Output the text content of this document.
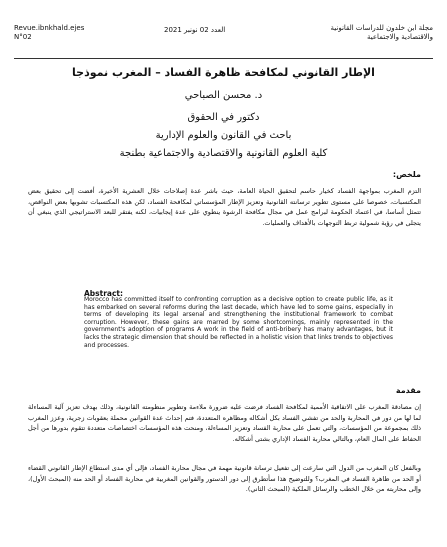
Revue.ibnkhald.ejes
N°02
العدد 02 نونبر 2021	مجلة ابن خلدون للدراسات القانونية
والاقتصادية والاجتماعية
الإطار القانوني لمكافحة ظاهرة الفساد – المغرب نموذجا
د. محسن الصباحي
دكتور في الحقوق
باحث في القانون والعلوم الإدارية
كلية العلوم القانونية والاقتصادية والاجتماعية بطنجة
ملخص:
التزم المغرب بمواجهة الفساد كخيار حاسم لتحقيق الحياة العامة، حيث باشر عدة إصلاحات خلال العشرية الأخيرة، أفضت إلى تحقيق بعض المكتسبات، خصوصا على مستوى تطوير ترسانته القانونية وتعزيز الإطار المؤسساتي لمكافحة الفساد، لكن هذه المكتسبات تشوبها بعض النواقص، تتمثل أساسا، في اعتماد الحكومة لبرامج عمل في مجال مكافحة الرشوة ينطوي على عدة إيجابيات، لكنه يفتقر للبعد الاستراتيجي الذي ينبغي أن يتجلى في رؤية شمولية تربط التوجهات بالأهداف والعمليات.
Abstract:
Morocco has committed itself to confronting corruption as a decisive option to create public life, as it has embarked on several reforms during the last decade, which have led to some gains, especially in terms of developing its legal arsenal and strengthening the institutional framework to combat corruption. However, these gains are marred by some shortcomings, mainly represented in the government's adoption of programs A work in the field of anti-bribery has many advantages, but it lacks the strategic dimension that should be reflected in a holistic vision that links trends to objectives and processes.
مقدمة
إن مصادقة المغرب على الاتفاقية الأممية لمكافحة الفساد فرضت عليه ضرورة ملاءمة وتطوير منظومته القانونية، وذلك بهدف تعزيز آلية المساءلة لما لها من دور في المحاربة والحد من تفشي الفساد بكل أشكاله ومظاهره المتعددة، فتم إحداث عدة القوانين محملة بعقوبات زجرية، وعزز المغرب ذلك بمجموعة من المؤسسات، والتي تعمل على محاربة الفساد وتعزيز المساءلة، ومنحت هذه المؤسسات اختصاصات متعددة تتقوم بدورها من أجل الحفاظ على المال العام، وبالتالي محاربة الفساد الإداري بشتى أشكاله.
وبالفعل كان المغرب من الدول التي سارعت إلى تفعيل ترسانة قانونية مهمة في مجال محاربة الفساد، فإلى أي مدى استطاع الإطار القانوني القضاء أو الحد من ظاهرة الفساد في المغرب؟ وللتوضيح هذا سأتطرق إلى دور الدستور والقوانين المغربية في محاربة الفساد أو الحد منه (المبحث الأول)، وإلى محاربته من خلال الخطب والرسائل الملكية (المبحث الثاني).
